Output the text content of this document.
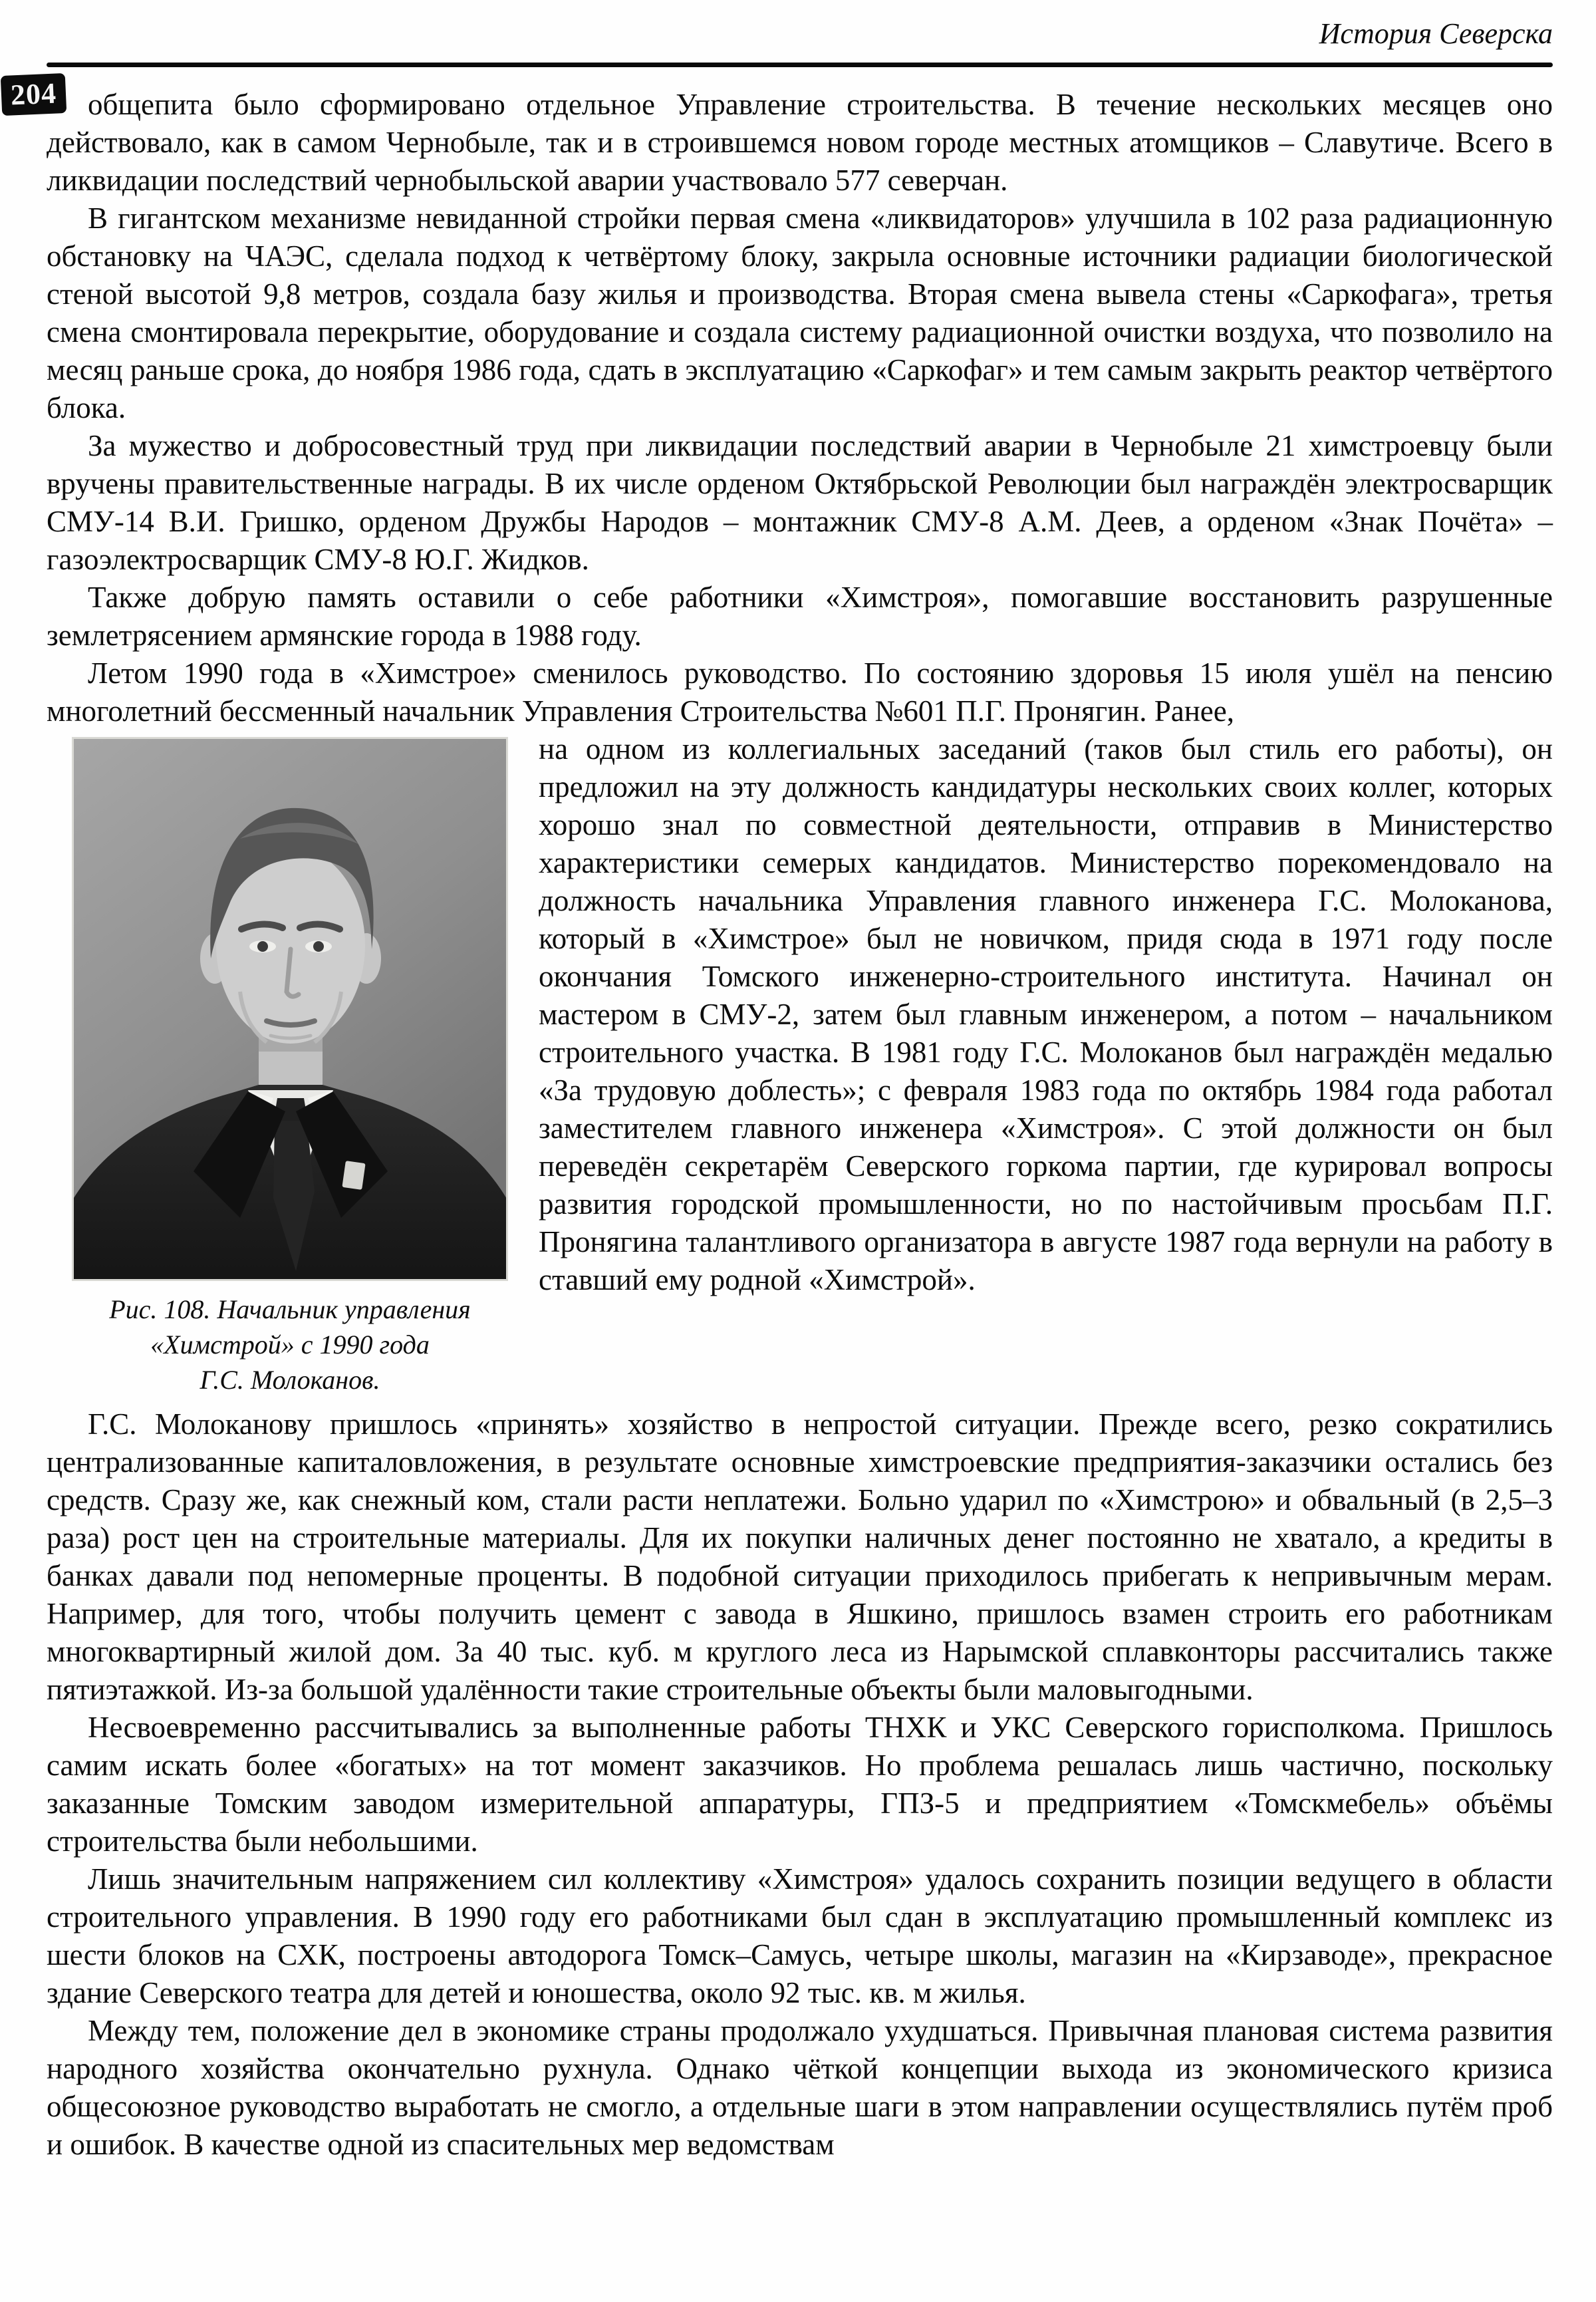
204
История Северска

общепита было сформировано отдельное Управление строительства. В течение нескольких месяцев оно действовало, как в самом Чернобыле, так и в строившемся новом городе местных атомщиков – Славутиче. Всего в ликвидации последствий чернобыльской аварии участвовало 577 северчан.

В гигантском механизме невиданной стройки первая смена «ликвидаторов» улучшила в 102 раза радиационную обстановку на ЧАЭС, сделала подход к четвёртому блоку, закрыла основные источники радиации биологической стеной высотой 9,8 метров, создала базу жилья и производства. Вторая смена вывела стены «Саркофага», третья смена смонтировала перекрытие, оборудование и создала систему радиационной очистки воздуха, что позволило на месяц раньше срока, до ноября 1986 года, сдать в эксплуатацию «Саркофаг» и тем самым закрыть реактор четвёртого блока.

За мужество и добросовестный труд при ликвидации последствий аварии в Чернобыле 21 химстроевцу были вручены правительственные награды. В их числе орденом Октябрьской Революции был награждён электросварщик СМУ-14 В.И. Гришко, орденом Дружбы Народов – монтажник СМУ-8 А.М. Деев, а орденом «Знак Почёта» – газоэлектросварщик СМУ-8 Ю.Г. Жидков.

Также добрую память оставили о себе работники «Химстроя», помогавшие восстановить разрушенные землетрясением армянские города в 1988 году.

Летом 1990 года в «Химстрое» сменилось руководство. По состоянию здоровья 15 июля ушёл на пенсию многолетний бессменный начальник Управления Строительства №601 П.Г. Пронягин. Ранее,

Рис. 108. Начальник управления
«Химстрой» с 1990 года
Г.С. Молоканов.

на одном из коллегиальных заседаний (таков был стиль его работы), он предложил на эту должность кандидатуры нескольких своих коллег, которых хорошо знал по совместной деятельности, отправив в Министерство характеристики семерых кандидатов. Министерство порекомендовало на должность начальника Управления главного инженера Г.С. Молоканова, который в «Химстрое» был не новичком, придя сюда в 1971 году после окончания Томского инженерно-строительного института. Начинал он мастером в СМУ-2, затем был главным инженером, а потом – начальником строительного участка. В 1981 году Г.С. Молоканов был награждён медалью «За трудовую доблесть»; с февраля 1983 года по октябрь 1984 года работал заместителем главного инженера «Химстроя». С этой должности он был переведён секретарём Северского горкома партии, где курировал вопросы развития городской промышленности, но по настойчивым просьбам П.Г. Пронягина талантливого организатора в августе 1987 года вернули на работу в ставший ему родной «Химстрой».

Г.С. Молоканову пришлось «принять» хозяйство в непростой ситуации. Прежде всего, резко сократились централизованные капиталовложения, в результате основные химстроевские предприятия-заказчики остались без средств. Сразу же, как снежный ком, стали расти неплатежи. Больно ударил по «Химстрою» и обвальный (в 2,5–3 раза) рост цен на строительные материалы. Для их покупки наличных денег постоянно не хватало, а кредиты в банках давали под непомерные проценты. В подобной ситуации приходилось прибегать к непривычным мерам. Например, для того, чтобы получить цемент с завода в Яшкино, пришлось взамен строить его работникам многоквартирный жилой дом. За 40 тыс. куб. м круглого леса из Нарымской сплавконторы рассчитались также пятиэтажкой. Из-за большой удалённости такие строительные объекты были маловыгодными.

Несвоевременно рассчитывались за выполненные работы ТНХК и УКС Северского горисполкома. Пришлось самим искать более «богатых» на тот момент заказчиков. Но проблема решалась лишь частично, поскольку заказанные Томским заводом измерительной аппаратуры, ГПЗ-5 и предприятием «Томскмебель» объёмы строительства были небольшими.

Лишь значительным напряжением сил коллективу «Химстроя» удалось сохранить позиции ведущего в области строительного управления. В 1990 году его работниками был сдан в эксплуатацию промышленный комплекс из шести блоков на СХК, построены автодорога Томск–Самусь, четыре школы, магазин на «Кирзаводе», прекрасное здание Северского театра для детей и юношества, около 92 тыс. кв. м жилья.

Между тем, положение дел в экономике страны продолжало ухудшаться. Привычная плановая система развития народного хозяйства окончательно рухнула. Однако чёткой концепции выхода из экономического кризиса общесоюзное руководство выработать не смогло, а отдельные шаги в этом направлении осуществлялись путём проб и ошибок. В качестве одной из спасительных мер ведомствам
